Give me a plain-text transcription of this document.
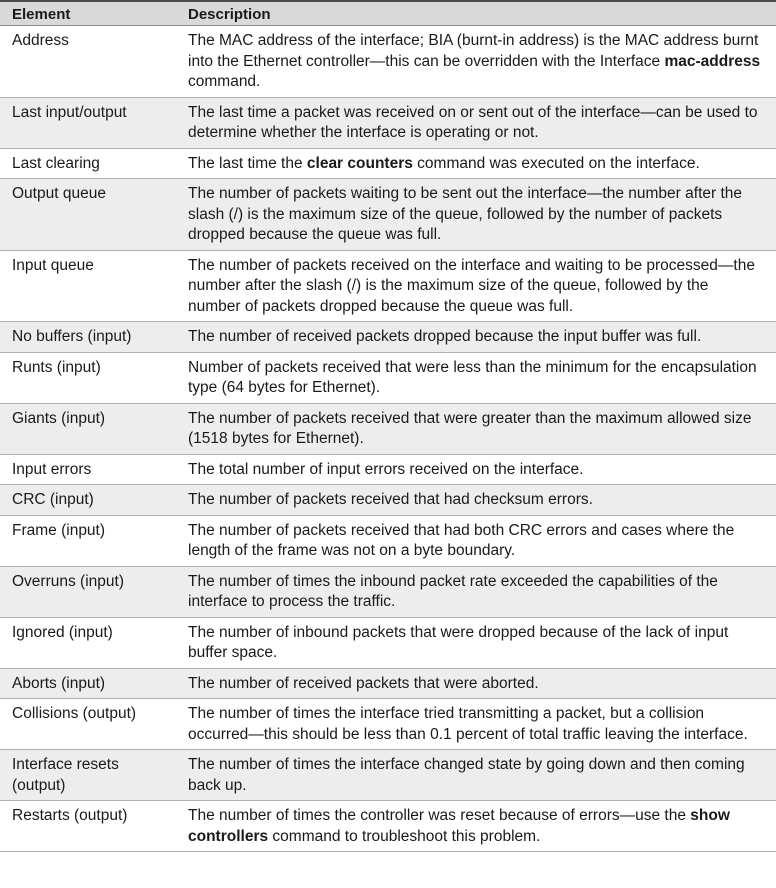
Element	Description
Address	The MAC address of the interface; BIA (burnt-in address) is the MAC address burnt into the Ethernet controller—this can be overridden with the Interface mac-address command.
Last input/output	The last time a packet was received on or sent out of the interface—can be used to determine whether the interface is operating or not.
Last clearing	The last time the clear counters command was executed on the interface.
Output queue	The number of packets waiting to be sent out the interface—the number after the slash (/) is the maximum size of the queue, followed by the number of packets dropped because the queue was full.
Input queue	The number of packets received on the interface and waiting to be processed—the number after the slash (/) is the maximum size of the queue, followed by the number of packets dropped because the queue was full.
No buffers (input)	The number of received packets dropped because the input buffer was full.
Runts (input)	Number of packets received that were less than the minimum for the encapsulation type (64 bytes for Ethernet).
Giants (input)	The number of packets received that were greater than the maximum allowed size (1518 bytes for Ethernet).
Input errors	The total number of input errors received on the interface.
CRC (input)	The number of packets received that had checksum errors.
Frame (input)	The number of packets received that had both CRC errors and cases where the length of the frame was not on a byte boundary.
Overruns (input)	The number of times the inbound packet rate exceeded the capabilities of the interface to process the traffic.
Ignored (input)	The number of inbound packets that were dropped because of the lack of input buffer space.
Aborts (input)	The number of received packets that were aborted.
Collisions (output)	The number of times the interface tried transmitting a packet, but a collision occurred—this should be less than 0.1 percent of total traffic leaving the interface.
Interface resets (output)	The number of times the interface changed state by going down and then coming back up.
Restarts (output)	The number of times the controller was reset because of errors—use the show controllers command to troubleshoot this problem.
